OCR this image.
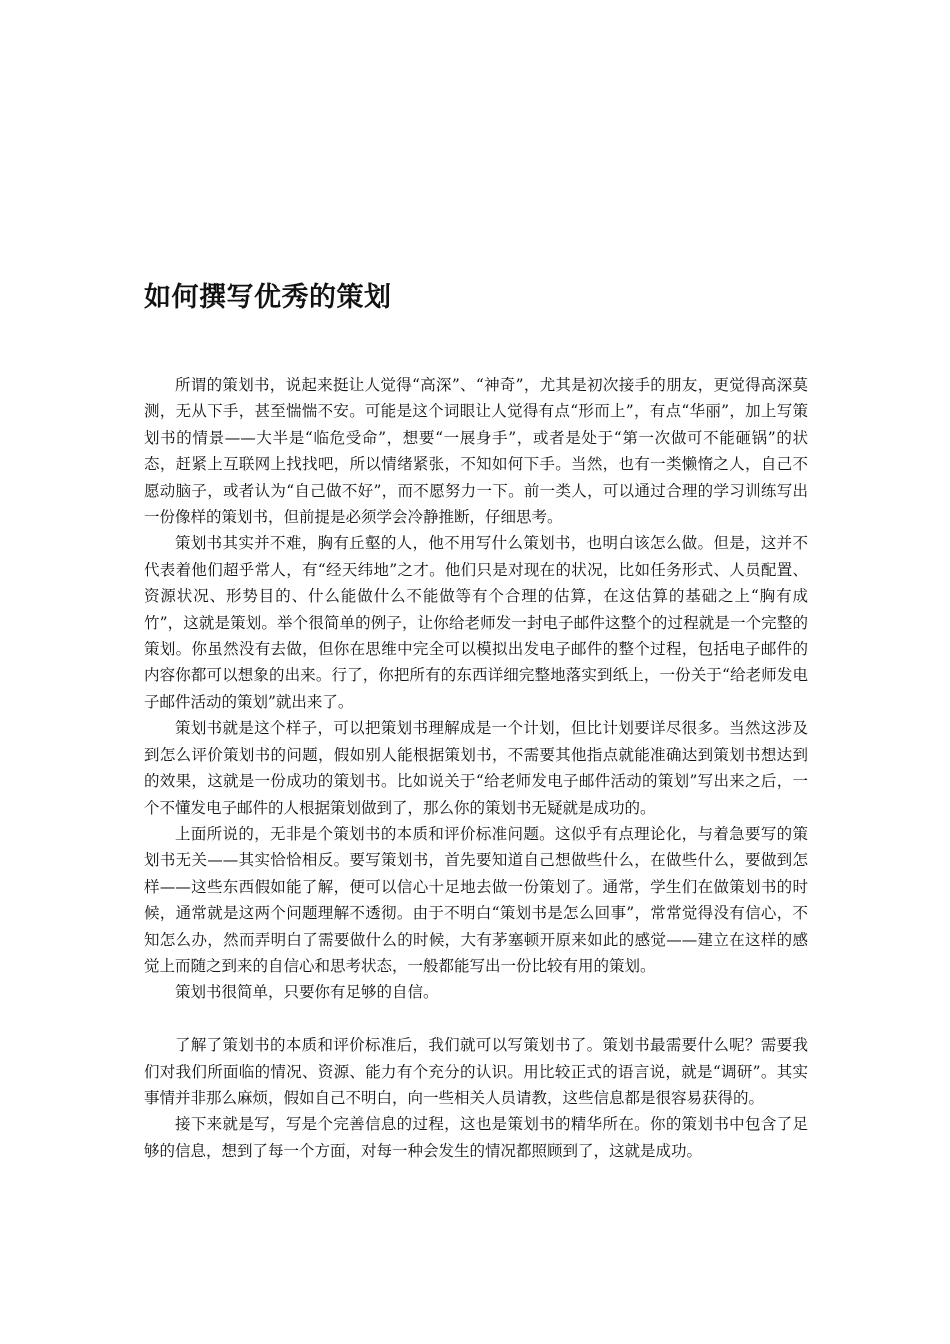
如何撰写优秀的策划

所谓的策划书，说起来挺让人觉得“高深”、“神奇”，尤其是初次接手的朋友，更觉得高深莫测，无从下手，甚至惴惴不安。可能是这个词眼让人觉得有点“形而上”，有点“华丽”，加上写策划书的情景——大半是“临危受命”，想要“一展身手”，或者是处于“第一次做可不能砸锅”的状态，赶紧上互联网上找找吧，所以情绪紧张，不知如何下手。当然，也有一类懒惰之人，自己不愿动脑子，或者认为“自己做不好”，而不愿努力一下。前一类人，可以通过合理的学习训练写出一份像样的策划书，但前提是必须学会冷静推断，仔细思考。

策划书其实并不难，胸有丘壑的人，他不用写什么策划书，也明白该怎么做。但是，这并不代表着他们超乎常人，有“经天纬地”之才。他们只是对现在的状况，比如任务形式、人员配置、资源状况、形势目的、什么能做什么不能做等有个合理的估算，在这估算的基础之上“胸有成竹”，这就是策划。举个很简单的例子，让你给老师发一封电子邮件这整个的过程就是一个完整的策划。你虽然没有去做，但你在思维中完全可以模拟出发电子邮件的整个过程，包括电子邮件的内容你都可以想象的出来。行了，你把所有的东西详细完整地落实到纸上，一份关于“给老师发电子邮件活动的策划”就出来了。

策划书就是这个样子，可以把策划书理解成是一个计划，但比计划要详尽很多。当然这涉及到怎么评价策划书的问题，假如别人能根据策划书，不需要其他指点就能准确达到策划书想达到的效果，这就是一份成功的策划书。比如说关于“给老师发电子邮件活动的策划”写出来之后，一个不懂发电子邮件的人根据策划做到了，那么你的策划书无疑就是成功的。

上面所说的，无非是个策划书的本质和评价标准问题。这似乎有点理论化，与着急要写的策划书无关——其实恰恰相反。要写策划书，首先要知道自己想做些什么，在做些什么，要做到怎样——这些东西假如能了解，便可以信心十足地去做一份策划了。通常，学生们在做策划书的时候，通常就是这两个问题理解不透彻。由于不明白“策划书是怎么回事”，常常觉得没有信心，不知怎么办，然而弄明白了需要做什么的时候，大有茅塞顿开原来如此的感觉——建立在这样的感觉上而随之到来的自信心和思考状态，一般都能写出一份比较有用的策划。

策划书很简单，只要你有足够的自信。

了解了策划书的本质和评价标准后，我们就可以写策划书了。策划书最需要什么呢？需要我们对我们所面临的情况、资源、能力有个充分的认识。用比较正式的语言说，就是“调研”。其实事情并非那么麻烦，假如自己不明白，向一些相关人员请教，这些信息都是很容易获得的。

接下来就是写，写是个完善信息的过程，这也是策划书的精华所在。你的策划书中包含了足够的信息，想到了每一个方面，对每一种会发生的情况都照顾到了，这就是成功。
